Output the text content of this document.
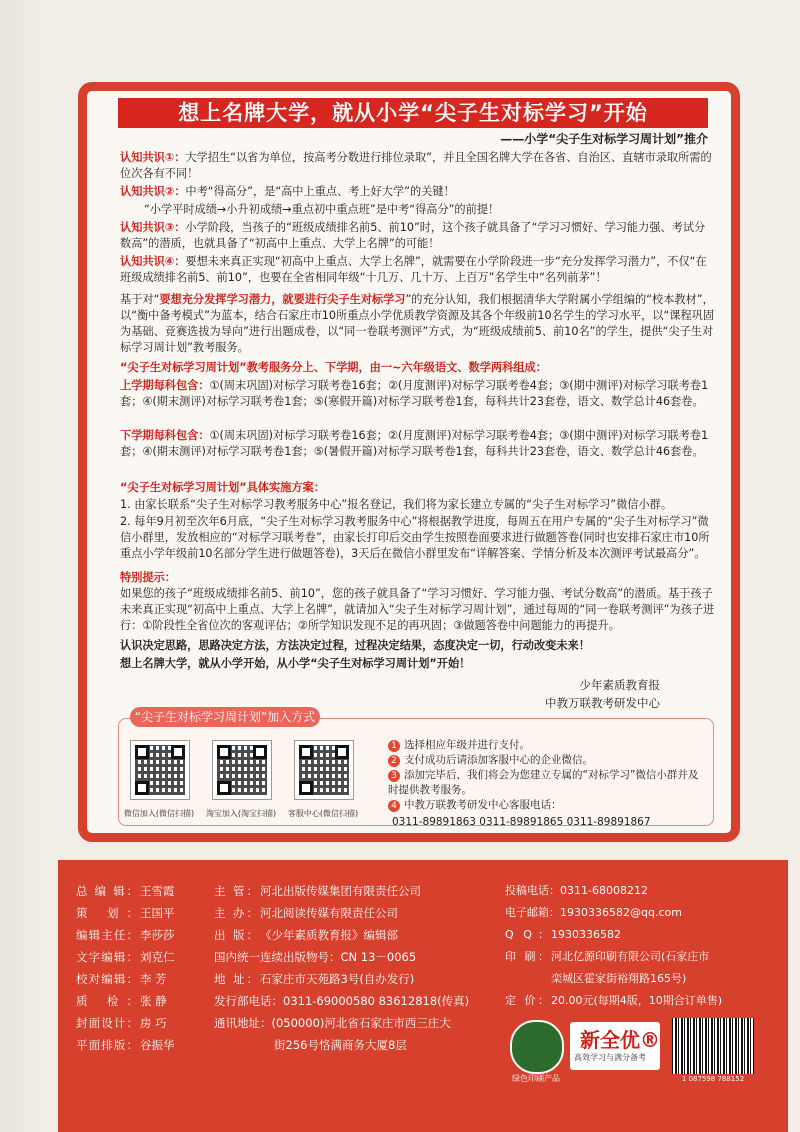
想上名牌大学，就从小学“尖子生对标学习”开始
——小学“尖子生对标学习周计划”推介
认知共识①：大学招生“以省为单位，按高考分数进行排位录取”，并且全国名牌大学在各省、自治区、直辖市录取所需的位次各有不同！
认知共识②：中考“得高分”，是“高中上重点、考上好大学”的关键！
“小学平时成绩→小升初成绩→重点初中重点班”是中考“得高分”的前提！
认知共识③：小学阶段，当孩子的“班级成绩排名前5、前10”时，这个孩子就具备了“学习习惯好、学习能力强、考试分数高”的潜质，也就具备了“初高中上重点、大学上名牌”的可能！
认知共识④：要想未来真正实现“初高中上重点、大学上名牌”，就需要在小学阶段进一步“充分发挥学习潜力”，不仅“在班级成绩排名前5、前10”，也要在全省相同年级“十几万、几十万、上百万”名学生中“名列前茅”！
基于对“要想充分发挥学习潜力，就要进行尖子生对标学习”的充分认知，我们根据清华大学附属小学组编的“校本教材”，以“衡中备考模式”为蓝本，结合石家庄市10所重点小学优质教学资源及其各个年级前10名学生的学习水平，以“课程巩固为基础、竞赛选拔为导向”进行出题成卷，以“同一卷联考测评”方式，为“班级成绩前5、前10名”的学生，提供“尖子生对标学习周计划”教考服务。
“尖子生对标学习周计划”教考服务分上、下学期，由一~六年级语文、数学两科组成：
上学期每科包含：①(周末巩固)对标学习联考卷16套；②(月度测评)对标学习联考卷4套；③(期中测评)对标学习联考卷1套；④(期末测评)对标学习联考卷1套；⑤(寒假开篇)对标学习联考卷1套，每科共计23套卷，语文、数学总计46套卷。
下学期每科包含：①(周末巩固)对标学习联考卷16套；②(月度测评)对标学习联考卷4套；③(期中测评)对标学习联考卷1套；④(期末测评)对标学习联考卷1套；⑤(暑假开篇)对标学习联考卷1套，每科共计23套卷，语文、数学总计46套卷。
“尖子生对标学习周计划”具体实施方案：
1. 由家长联系“尖子生对标学习教考服务中心”报名登记，我们将为家长建立专属的“尖子生对标学习”微信小群。
2. 每年9月初至次年6月底，“尖子生对标学习教考服务中心”将根据教学进度，每周五在用户专属的“尖子生对标学习”微信小群里，发放相应的“对标学习联考卷”，由家长打印后交由学生按照卷面要求进行做题答卷(同时也安排石家庄市10所重点小学年级前10名部分学生进行做题答卷)，3天后在微信小群里发布“详解答案、学情分析及本次测评考试最高分”。
特别提示：
如果您的孩子“班级成绩排名前5、前10”，您的孩子就具备了“学习习惯好、学习能力强、考试分数高”的潜质。基于孩子未来真正实现“初高中上重点、大学上名牌”，就请加入“尖子生对标学习周计划”，通过每周的“同一卷联考测评”为孩子进行：①阶段性全省位次的客观评估；②所学知识发现不足的再巩固；③做题答卷中问题能力的再提升。
认识决定思路，思路决定方法，方法决定过程，过程决定结果，态度决定一切，行动改变未来！
想上名牌大学，就从小学开始，从小学“尖子生对标学习周计划”开始！
少年素质教育报
中教万联教考研发中心
“尖子生对标学习周计划”加入方式
微信加入(微信扫描)	淘宝加入(淘宝扫描)	客服中心(微信扫描)
1 选择相应年级并进行支付。
2 支付成功后请添加客服中心的企业微信。
3 添加完毕后，我们将会为您建立专属的“对标学习”微信小群并及时提供教考服务。
4 中教万联教考研发中心客服电话：
0311-89891863 0311-89891865 0311-89891867
总 编 辑： 王雪霞
策 划： 王国平
编辑主任： 李莎莎
文字编辑： 刘克仁
校对编辑： 李 芳
质 检： 张 静
封面设计： 房 巧
平面排版： 谷振华
主 管： 河北出版传媒集团有限责任公司
主 办： 河北阅读传媒有限责任公司
出 版： 《少年素质教育报》编辑部
国内统一连续出版物号：CN 13－0065
地 址： 石家庄市天苑路3号(自办发行)
发行部电话：0311-69000580 83612818(传真)
通讯地址：(050000)河北省石家庄市西三庄大
街256号恪满商务大厦8层
投稿电话：0311-68008212
电子邮箱：1930336582@qq.com
Q Q： 1930336582
印 刷： 河北亿源印刷有限公司(石家庄市
栾城区霍家街裕翔路165号)
定 价： 20.00元(每期4版，10期合订单售)
绿色印刷产品
新全优®
高效学习与满分备考
1 087598 788152
